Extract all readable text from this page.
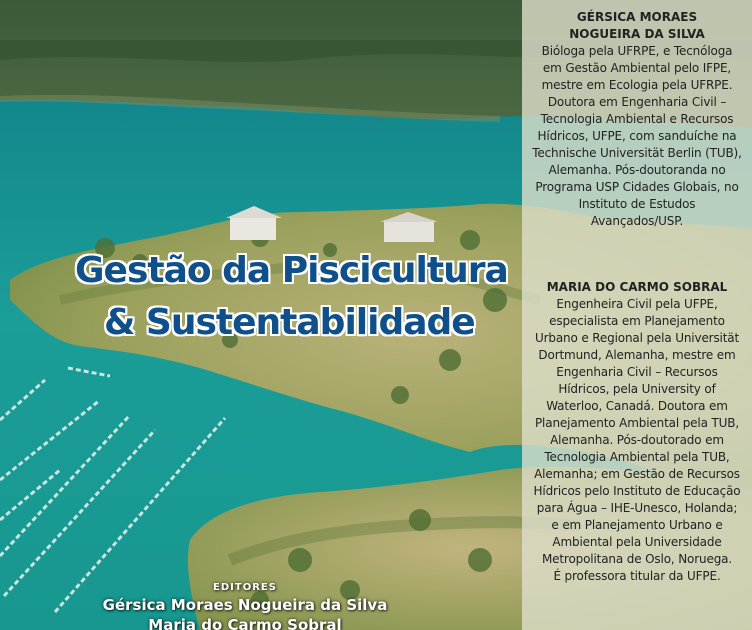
Gestão da Piscicultura
& Sustentabilidade
EDITORES
Gérsica Moraes Nogueira da Silva
Maria do Carmo Sobral
GÉRSICA MORAES
NOGUEIRA DA SILVA
Bióloga pela UFRPE, e Tecnóloga
em Gestão Ambiental pelo IFPE,
mestre em Ecologia pela UFRPE.
Doutora em Engenharia Civil –
Tecnologia Ambiental e Recursos
Hídricos, UFPE, com sanduíche na
Technische Universität Berlin (TUB),
Alemanha. Pós-doutoranda no
Programa USP Cidades Globais, no
Instituto de Estudos
Avançados/USP.
MARIA DO CARMO SOBRAL
Engenheira Civil pela UFPE,
especialista em Planejamento
Urbano e Regional pela Universität
Dortmund, Alemanha, mestre em
Engenharia Civil – Recursos
Hídricos, pela University of
Waterloo, Canadá. Doutora em
Planejamento Ambiental pela TUB,
Alemanha. Pós-doutorado em
Tecnologia Ambiental pela TUB,
Alemanha; em Gestão de Recursos
Hídricos pelo Instituto de Educação
para Água – IHE-Unesco, Holanda;
e em Planejamento Urbano e
Ambiental pela Universidade
Metropolitana de Oslo, Noruega.
É professora titular da UFPE.
